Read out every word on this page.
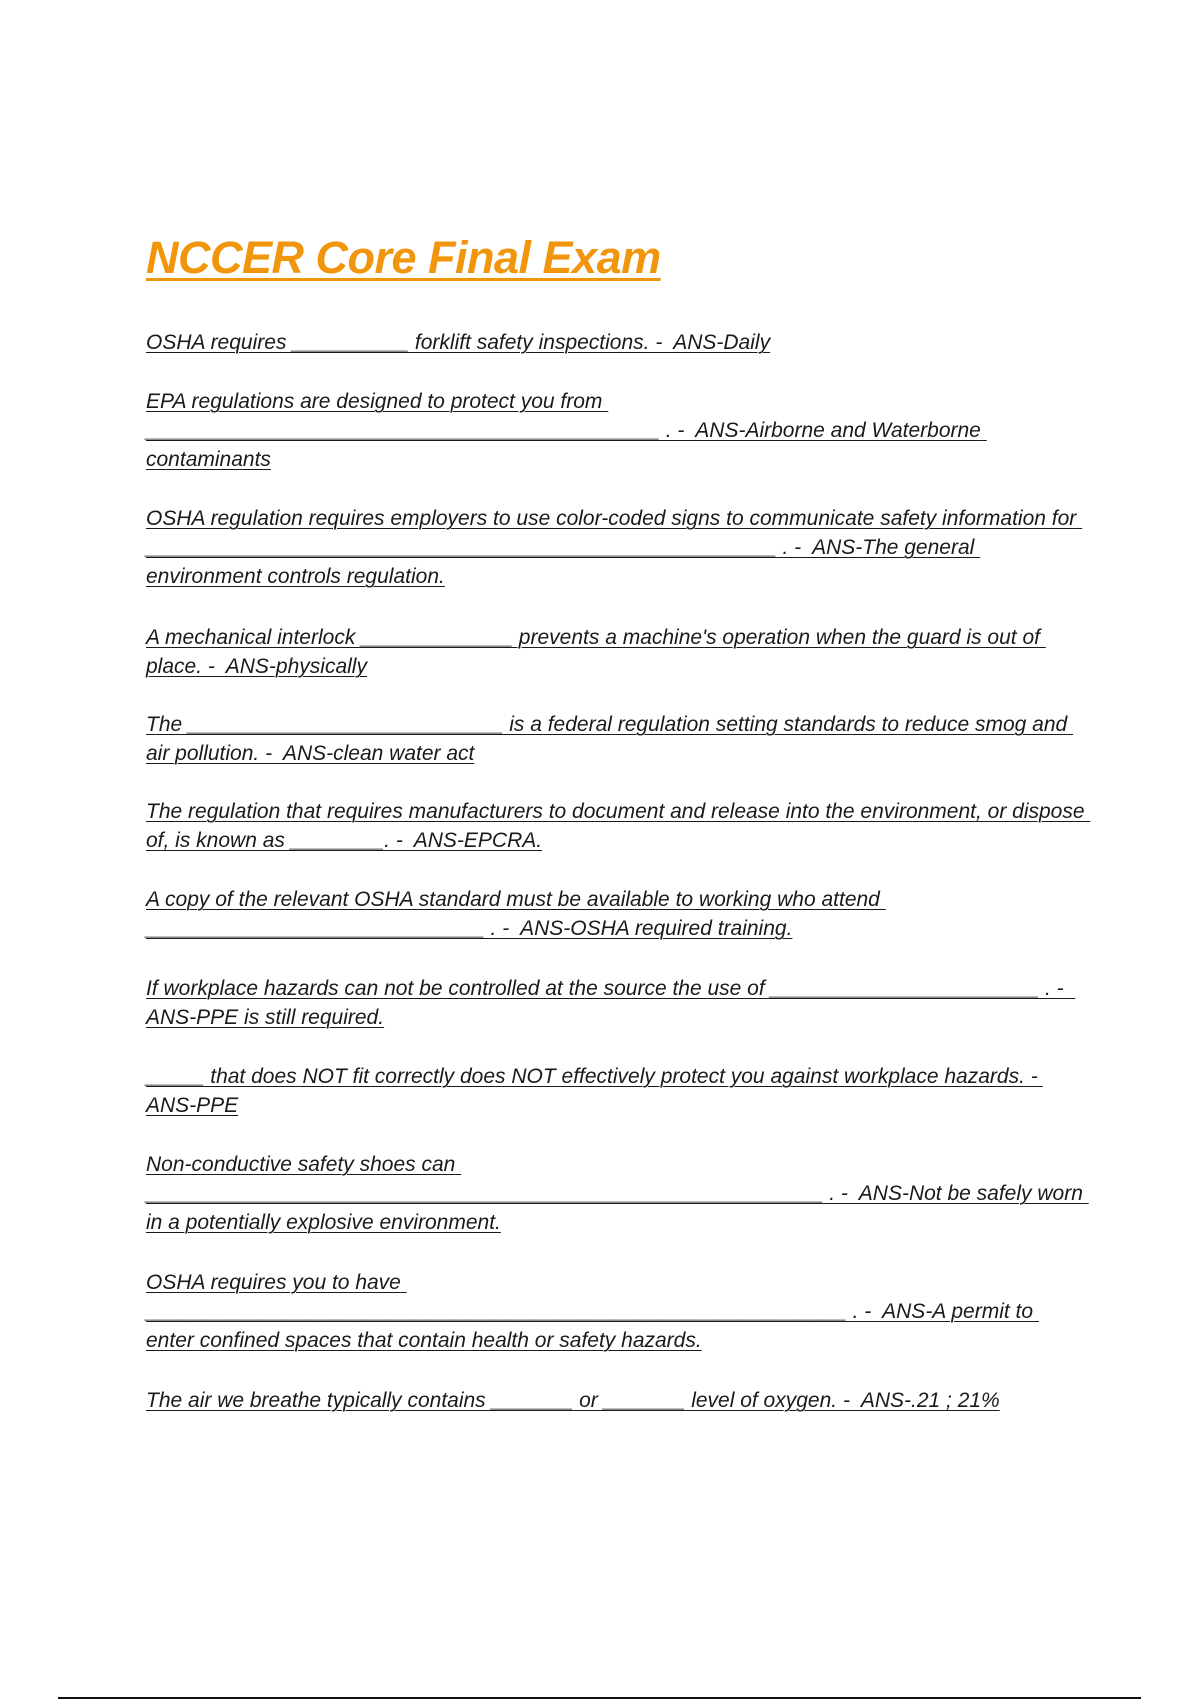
NCCER Core Final Exam

OSHA requires __________ forklift safety inspections. -  ANS-Daily

EPA regulations are designed to protect you from ____________________________________________ . -  ANS-Airborne and Waterborne contaminants

OSHA regulation requires employers to use color-coded signs to communicate safety information for ______________________________________________________ . -  ANS-The general environment controls regulation.

A mechanical interlock _____________ prevents a machine's operation when the guard is out of place. -  ANS-physically

The ___________________________ is a federal regulation setting standards to reduce smog and air pollution. -  ANS-clean water act

The regulation that requires manufacturers to document and release into the environment, or dispose of, is known as ________. -  ANS-EPCRA.

A copy of the relevant OSHA standard must be available to working who attend _____________________________ . -  ANS-OSHA required training.

If workplace hazards can not be controlled at the source the use of _______________________ . -  ANS-PPE is still required.

_____ that does NOT fit correctly does NOT effectively protect you against workplace hazards. - ANS-PPE

Non-conductive safety shoes can __________________________________________________________ . -  ANS-Not be safely worn in a potentially explosive environment.

OSHA requires you to have ____________________________________________________________ . -  ANS-A permit to enter confined spaces that contain health or safety hazards.

The air we breathe typically contains _______ or _______ level of oxygen. -  ANS-.21 ; 21%
